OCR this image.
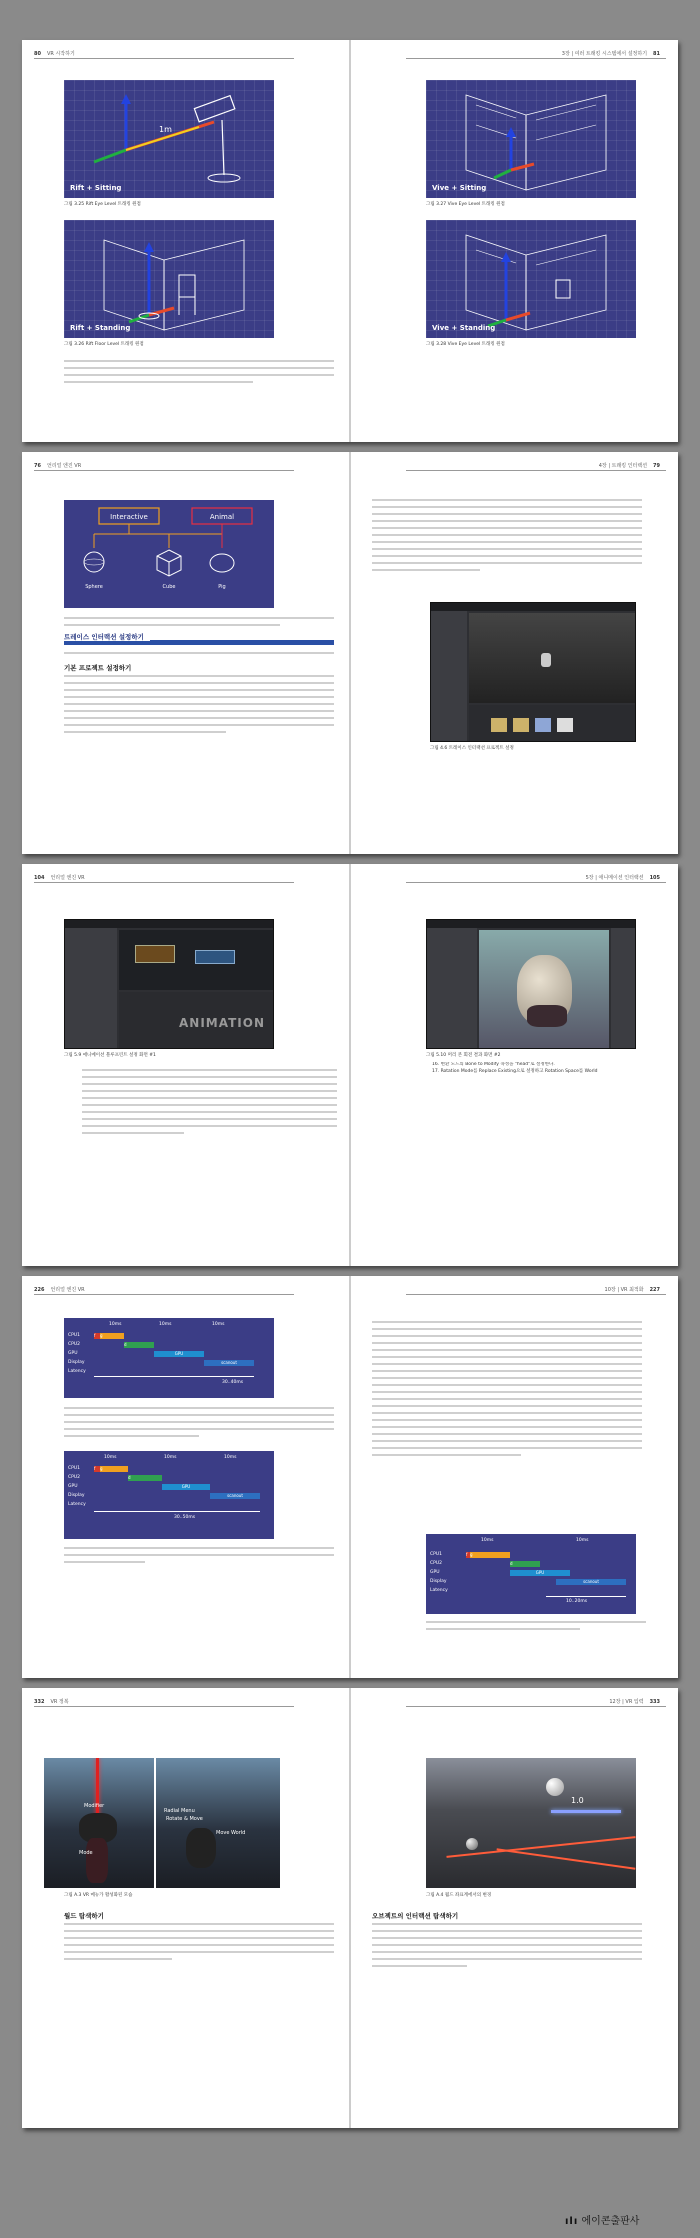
80 VR 시작하기	3장 | 여러 트래킹 시스템에서 설정하기 81
1m
Rift + Sitting
그림 3.25 Rift Eye Level 트래킹 원점
Rift + Standing
그림 3.26 Rift Floor Level 트래킹 원점
Vive + Sitting
그림 3.27 Vive Eye Level 트래킹 원점
Vive + Standing
그림 3.28 Vive Eye Level 트래킹 원점
76 언리얼 엔진 VR	4장 | 트래킹 인터랙션 79
Interactive	Animal
Sphere	Cube	Pig
트레이스 인터랙션 설정하기
기본 프로젝트 설정하기
그림 4.6 트레이스 인터랙션 프로젝트 설정
104 언리얼 엔진 VR	5장 | 애니메이션 인터랙션 105
ANIMATION
그림 5.9 애니메이션 블루프린트 설정 화면 #1	그림 5.10 머리 본 회전 결과 화면 #2
16. 변환 노드의 Bone to Modify 속성을 "head"로 설정한다.
17. Rotation Mode를 Replace Existing으로 설정하고 Rotation Space를 World
226 언리얼 엔진 VR	10장 | VR 최적화 227
10ms	10ms	10ms
CPU1
CPU2
GPU
Display
Latency
f	g
d
GPU
scanout
30..40ms
10ms	10ms	10ms
CPU1
CPU2
GPU
Display
Latency
f	g
d
GPU
scanout
30..50ms
10ms	10ms
CPU1
CPU2
GPU
Display
Latency
f g
d
GPU
scanout
10..20ms
332 VR 정복	12장 | VR 입력 333
Modifier
Mode
Radial Menu
Rotate & Move
Move World
그림 A.3 VR 메뉴가 활성화된 모습
월드 탐색하기
1.0
그림 A.4 월드 좌표계에서의 변경
오브젝트의 인터랙션 탐색하기
ılı 에이콘출판사
